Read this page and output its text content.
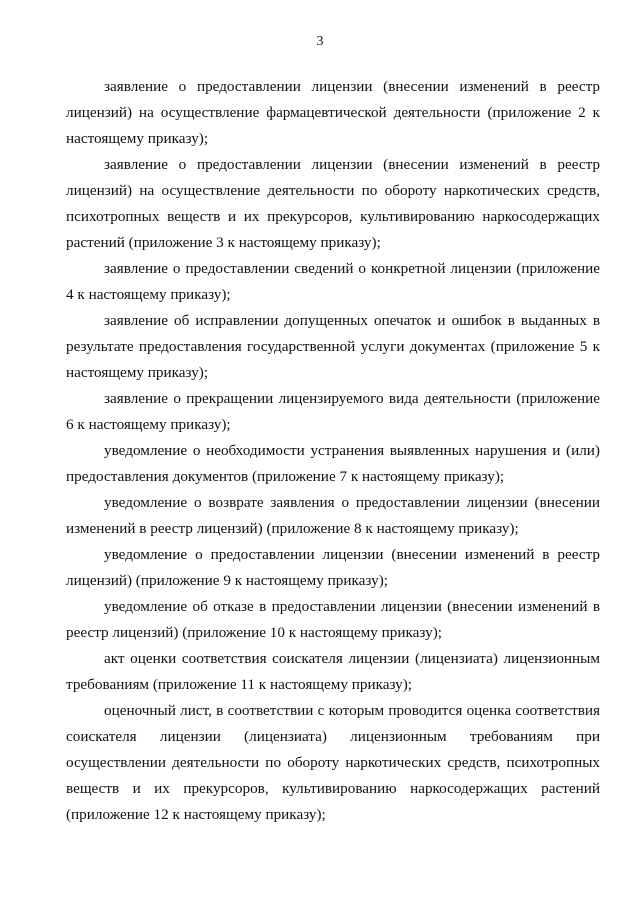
3

заявление о предоставлении лицензии (внесении изменений в реестр лицензий) на осуществление фармацевтической деятельности (приложение 2 к настоящему приказу);

заявление о предоставлении лицензии (внесении изменений в реестр лицензий) на осуществление деятельности по обороту наркотических средств, психотропных веществ и их прекурсоров, культивированию наркосодержащих растений (приложение 3 к настоящему приказу);

заявление о предоставлении сведений о конкретной лицензии (приложение 4 к настоящему приказу);

заявление об исправлении допущенных опечаток и ошибок в выданных в результате предоставления государственной услуги документах (приложение 5 к настоящему приказу);

заявление о прекращении лицензируемого вида деятельности (приложение 6 к настоящему приказу);

уведомление о необходимости устранения выявленных нарушения и (или) предоставления документов (приложение 7 к настоящему приказу);

уведомление о возврате заявления о предоставлении лицензии (внесении изменений в реестр лицензий) (приложение 8 к настоящему приказу);

уведомление о предоставлении лицензии (внесении изменений в реестр лицензий) (приложение 9 к настоящему приказу);

уведомление об отказе в предоставлении лицензии (внесении изменений в реестр лицензий) (приложение 10 к настоящему приказу);

акт оценки соответствия соискателя лицензии (лицензиата) лицензионным требованиям (приложение 11 к настоящему приказу);

оценочный лист, в соответствии с которым проводится оценка соответствия соискателя лицензии (лицензиата) лицензионным требованиям при осуществлении деятельности по обороту наркотических средств, психотропных веществ и их прекурсоров, культивированию наркосодержащих растений (приложение 12 к настоящему приказу);
